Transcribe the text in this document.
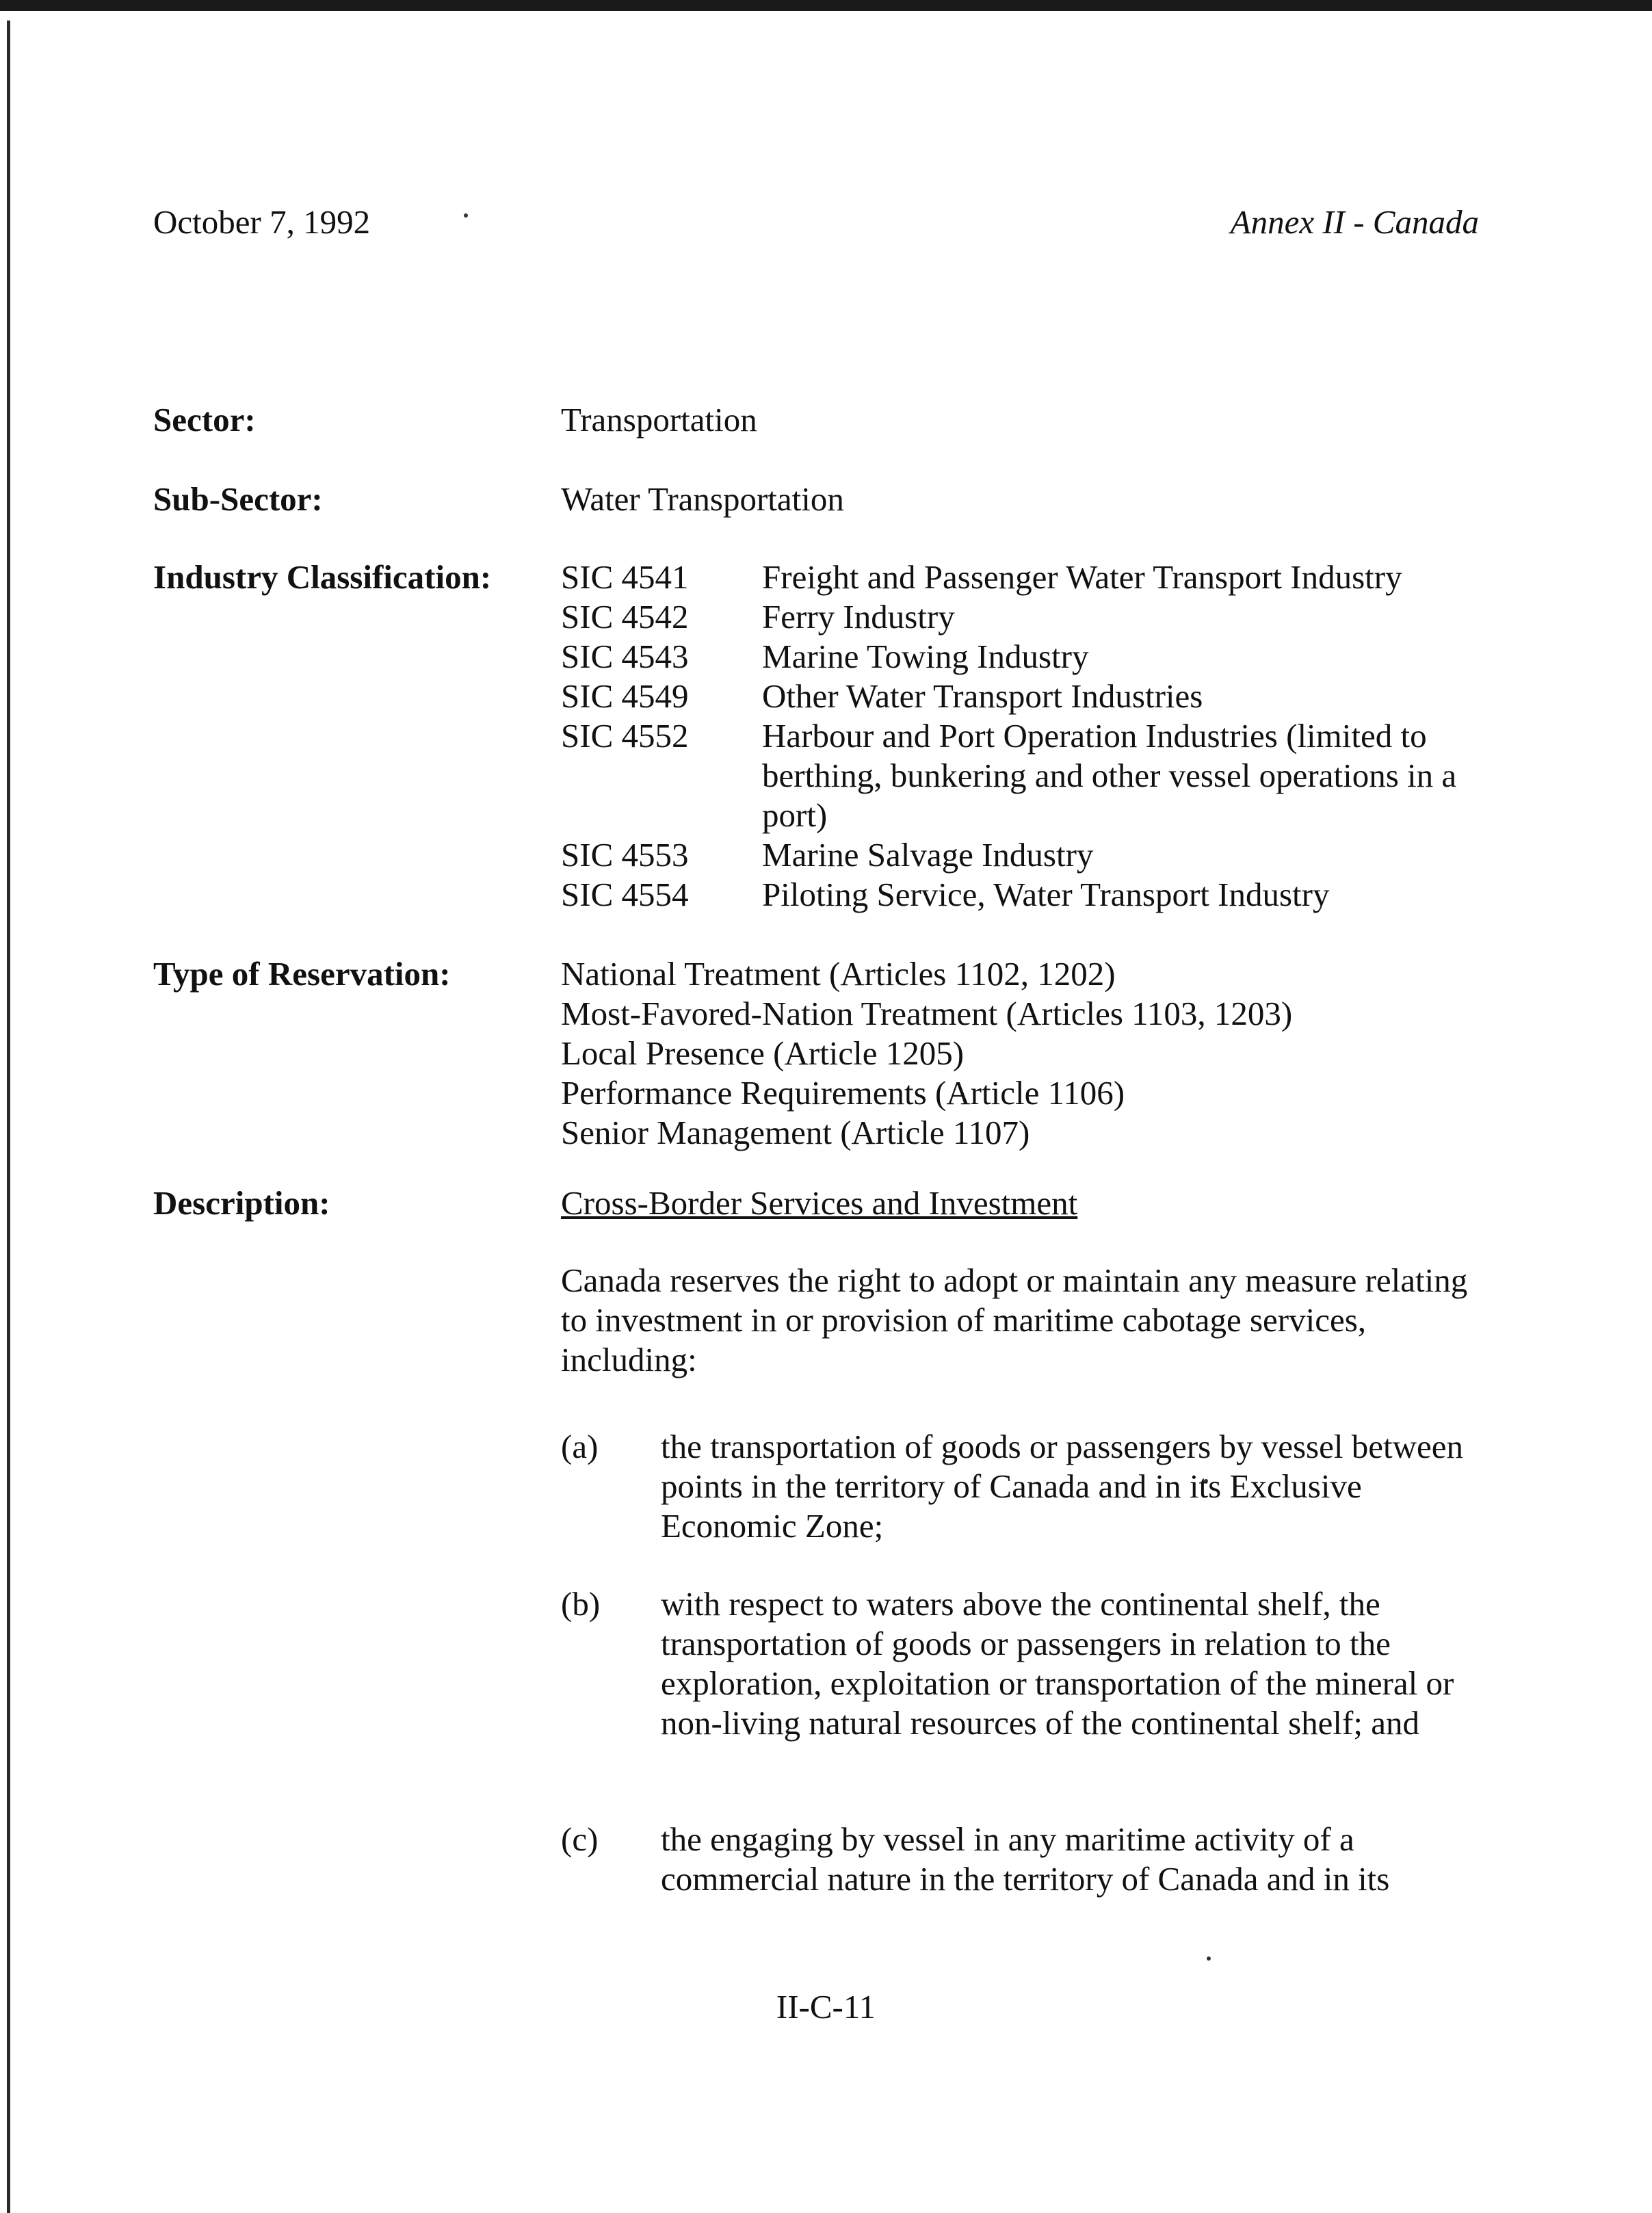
October 7, 1992	Annex II - Canada
Sector:	Transportation
Sub-Sector:	Water Transportation
Industry Classification: SIC 4541	Freight and Passenger Water Transport Industry
SIC 4542	Ferry Industry
SIC 4543	Marine Towing Industry
SIC 4549	Other Water Transport Industries
SIC 4552	Harbour and Port Operation Industries (limited to berthing, bunkering and other vessel operations in a port)
SIC 4553	Marine Salvage Industry
SIC 4554	Piloting Service, Water Transport Industry
Type of Reservation:	National Treatment (Articles 1102, 1202)
Most-Favored-Nation Treatment (Articles 1103, 1203)
Local Presence (Article 1205)
Performance Requirements (Article 1106)
Senior Management (Article 1107)
Description:	Cross-Border Services and Investment
Canada reserves the right to adopt or maintain any measure relating to investment in or provision of maritime cabotage services, including:
(a)	the transportation of goods or passengers by vessel between points in the territory of Canada and in its Exclusive Economic Zone;
(b)	with respect to waters above the continental shelf, the transportation of goods or passengers in relation to the exploration, exploitation or transportation of the mineral or non-living natural resources of the continental shelf; and
(c)	the engaging by vessel in any maritime activity of a commercial nature in the territory of Canada and in its
II-C-11
